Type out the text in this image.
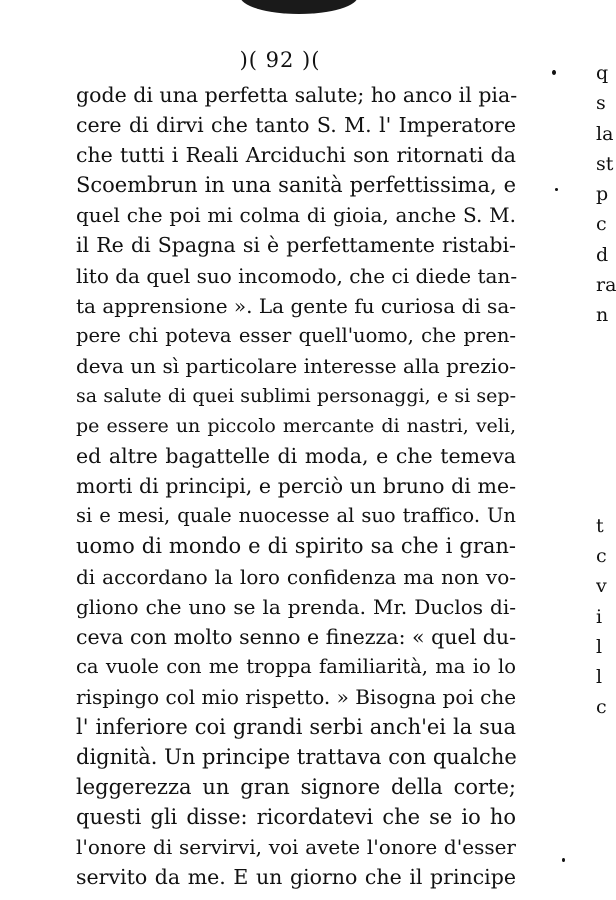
)( 92 )(
gode di una perfetta salute; ho anco il pia-
cere di dirvi che tanto S. M. l' Imperatore
che tutti i Reali Arciduchi son ritornati da
Scoembrun in una sanità perfettissima, e
quel che poi mi colma di gioia, anche S. M.
il Re di Spagna si è perfettamente ristabi-
lito da quel suo incomodo, che ci diede tan-
ta apprensione ». La gente fu curiosa di sa-
pere chi poteva esser quell'uomo, che pren-
deva un sì particolare interesse alla prezio-
sa salute di quei sublimi personaggi, e si sep-
pe essere un piccolo mercante di nastri, veli,
ed altre bagattelle di moda, e che temeva
morti di principi, e perciò un bruno di me-
si e mesi, quale nuocesse al suo traffico. Un
uomo di mondo e di spirito sa che i gran-
di accordano la loro confidenza ma non vo-
gliono che uno se la prenda. Mr. Duclos di-
ceva con molto senno e finezza: « quel du-
ca vuole con me troppa familiarità, ma io lo
rispingo col mio rispetto. » Bisogna poi che
l' inferiore coi grandi serbi anch'ei la sua
dignità. Un principe trattava con qualche
leggerezza un gran signore della corte;
questi gli disse: ricordatevi che se io ho
l'onore di servirvi, voi avete l'onore d'esser
servito da me. E un giorno che il principe
q
s
la
st
p
c
d
ra
n
t
c
v
i
l
l
c
